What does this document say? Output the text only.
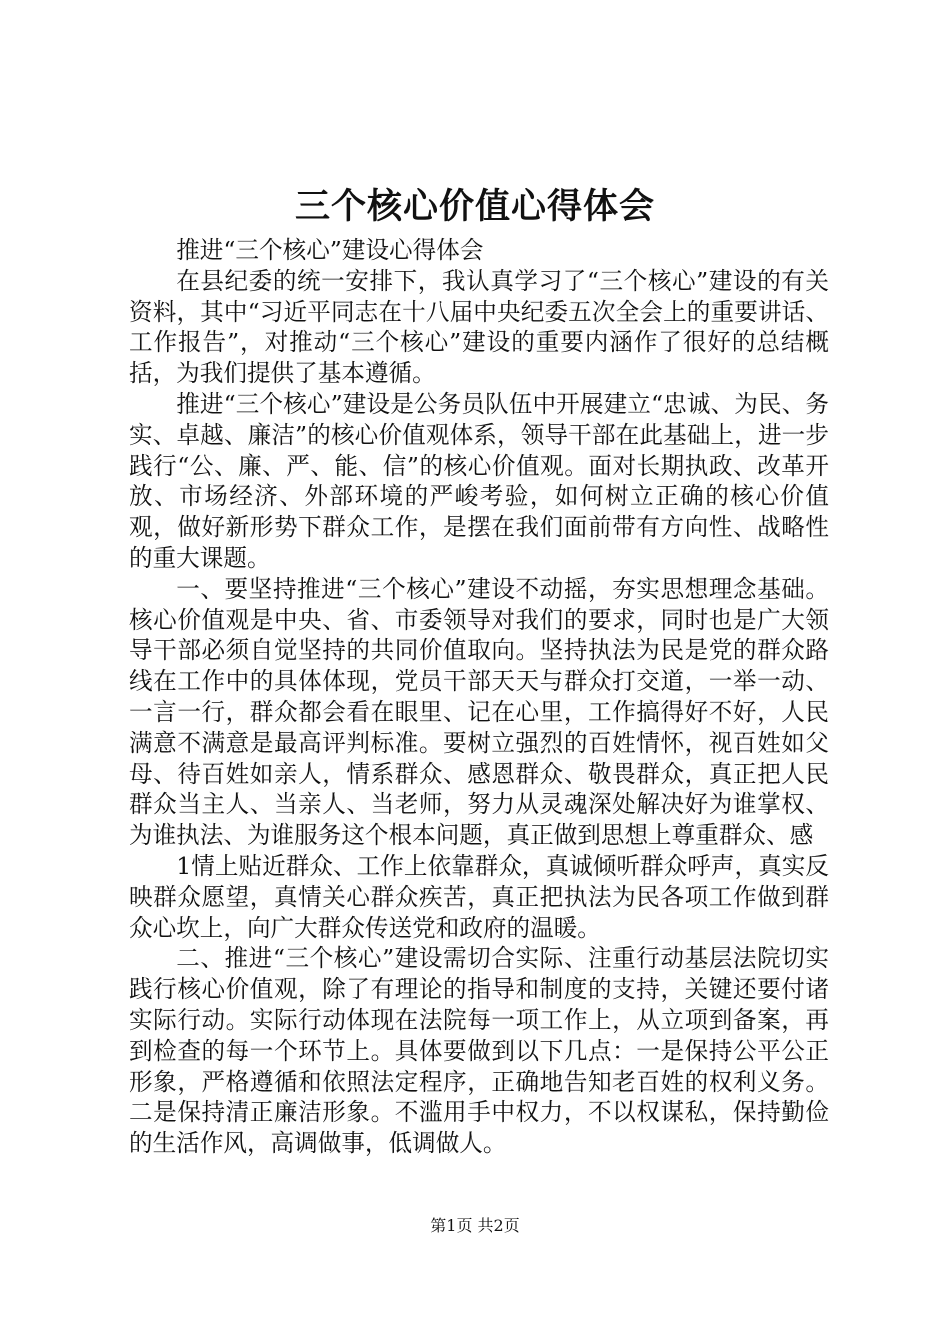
三个核心价值心得体会

推进“三个核心”建设心得体会

在县纪委的统一安排下，我认真学习了“三个核心”建设的有关资料，其中“习近平同志在十八届中央纪委五次全会上的重要讲话、工作报告”，对推动“三个核心”建设的重要内涵作了很好的总结概括，为我们提供了基本遵循。

推进“三个核心”建设是公务员队伍中开展建立“忠诚、为民、务实、卓越、廉洁”的核心价值观体系，领导干部在此基础上，进一步践行“公、廉、严、能、信”的核心价值观。面对长期执政、改革开放、市场经济、外部环境的严峻考验，如何树立正确的核心价值观，做好新形势下群众工作，是摆在我们面前带有方向性、战略性的重大课题。

一、要坚持推进“三个核心”建设不动摇，夯实思想理念基础。核心价值观是中央、省、市委领导对我们的要求，同时也是广大领导干部必须自觉坚持的共同价值取向。坚持执法为民是党的群众路线在工作中的具体体现，党员干部天天与群众打交道，一举一动、一言一行，群众都会看在眼里、记在心里，工作搞得好不好，人民满意不满意是最高评判标准。要树立强烈的百姓情怀，视百姓如父母、待百姓如亲人，情系群众、感恩群众、敬畏群众，真正把人民群众当主人、当亲人、当老师，努力从灵魂深处解决好为谁掌权、为谁执法、为谁服务这个根本问题，真正做到思想上尊重群众、感

1情上贴近群众、工作上依靠群众，真诚倾听群众呼声，真实反映群众愿望，真情关心群众疾苦，真正把执法为民各项工作做到群众心坎上，向广大群众传送党和政府的温暖。

二、推进“三个核心”建设需切合实际、注重行动基层法院切实践行核心价值观，除了有理论的指导和制度的支持，关键还要付诸实际行动。实际行动体现在法院每一项工作上，从立项到备案，再到检查的每一个环节上。具体要做到以下几点：一是保持公平公正形象，严格遵循和依照法定程序，正确地告知老百姓的权利义务。二是保持清正廉洁形象。不滥用手中权力，不以权谋私，保持勤俭的生活作风，高调做事，低调做人。

第1页 共2页
